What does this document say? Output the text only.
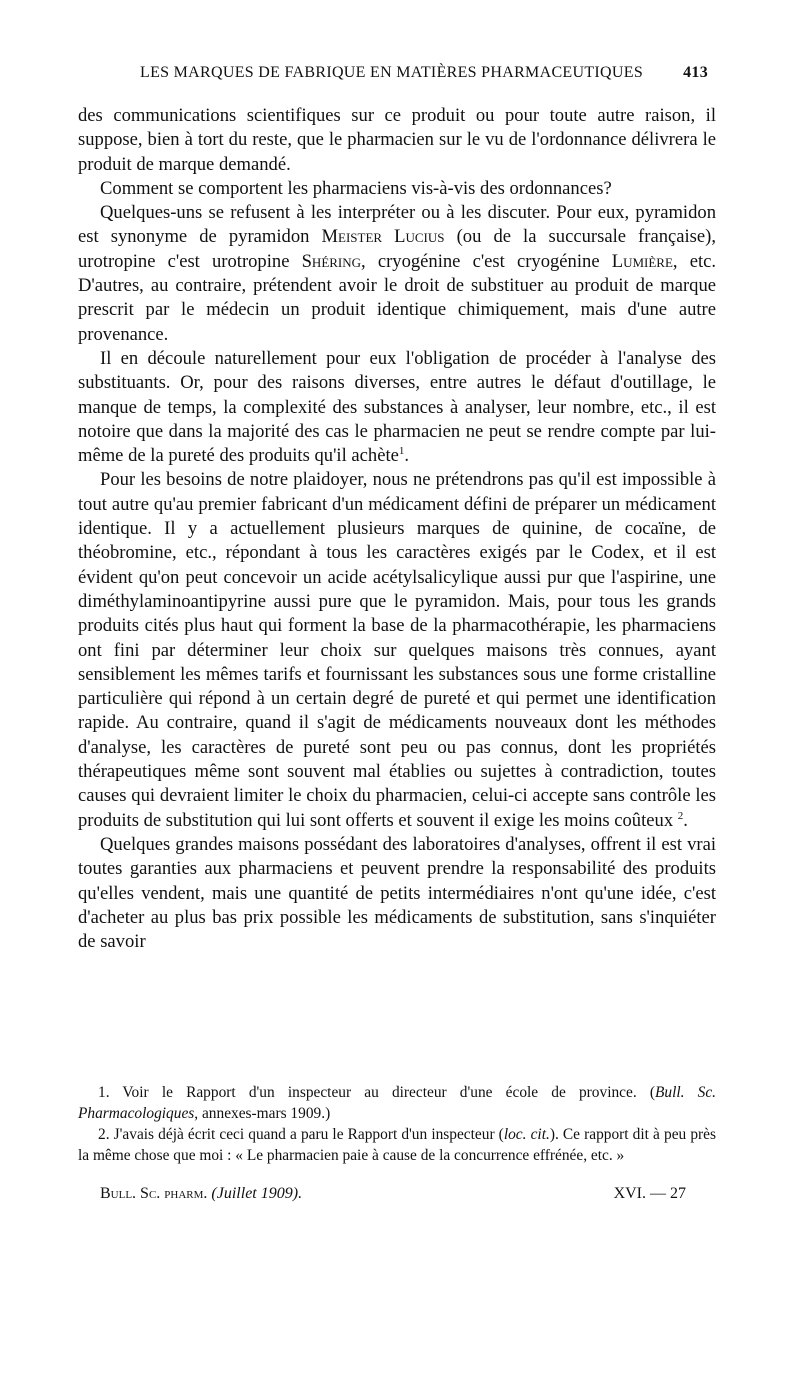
LES MARQUES DE FABRIQUE EN MATIÈRES PHARMACEUTIQUES	413

des communications scientifiques sur ce produit ou pour toute autre raison, il suppose, bien à tort du reste, que le pharmacien sur le vu de l'ordonnance délivrera le produit de marque demandé.

Comment se comportent les pharmaciens vis-à-vis des ordonnances?

Quelques-uns se refusent à les interpréter ou à les discuter. Pour eux, pyramidon est synonyme de pyramidon Meister Lucius (ou de la succursale française), urotropine c'est urotropine Shéring, cryogénine c'est cryogénine Lumière, etc. D'autres, au contraire, prétendent avoir le droit de substituer au produit de marque prescrit par le médecin un produit identique chimiquement, mais d'une autre provenance.

Il en découle naturellement pour eux l'obligation de procéder à l'analyse des substituants. Or, pour des raisons diverses, entre autres le défaut d'outillage, le manque de temps, la complexité des substances à analyser, leur nombre, etc., il est notoire que dans la majorité des cas le pharmacien ne peut se rendre compte par lui-même de la pureté des produits qu'il achète$^1$.

Pour les besoins de notre plaidoyer, nous ne prétendrons pas qu'il est impossible à tout autre qu'au premier fabricant d'un médicament défini de préparer un médicament identique. Il y a actuellement plusieurs marques de quinine, de cocaïne, de théobromine, etc., répondant à tous les caractères exigés par le Codex, et il est évident qu'on peut concevoir un acide acétylsalicylique aussi pur que l'aspirine, une diméthylaminoantipyrine aussi pure que le pyramidon. Mais, pour tous les grands produits cités plus haut qui forment la base de la pharmacothérapie, les pharmaciens ont fini par déterminer leur choix sur quelques maisons très connues, ayant sensiblement les mêmes tarifs et fournissant les substances sous une forme cristalline particulière qui répond à un certain degré de pureté et qui permet une identification rapide. Au contraire, quand il s'agit de médicaments nouveaux dont les méthodes d'analyse, les caractères de pureté sont peu ou pas connus, dont les propriétés thérapeutiques même sont souvent mal établies ou sujettes à contradiction, toutes causes qui devraient limiter le choix du pharmacien, celui-ci accepte sans contrôle les produits de substitution qui lui sont offerts et souvent il exige les moins coûteux $^2$.

Quelques grandes maisons possédant des laboratoires d'analyses, offrent il est vrai toutes garanties aux pharmaciens et peuvent prendre la responsabilité des produits qu'elles vendent, mais une quantité de petits intermédiaires n'ont qu'une idée, c'est d'acheter au plus bas prix possible les médicaments de substitution, sans s'inquiéter de savoir

1. Voir le Rapport d'un inspecteur au directeur d'une école de province. (Bull. Sc. Pharmacologiques, annexes-mars 1909.)

2. J'avais déjà écrit ceci quand a paru le Rapport d'un inspecteur (loc. cit.). Ce rapport dit à peu près la même chose que moi : « Le pharmacien paie à cause de la concurrence effrénée, etc. »

Bull. Sc. pharm. (Juillet 1909).	XVI. — 27
